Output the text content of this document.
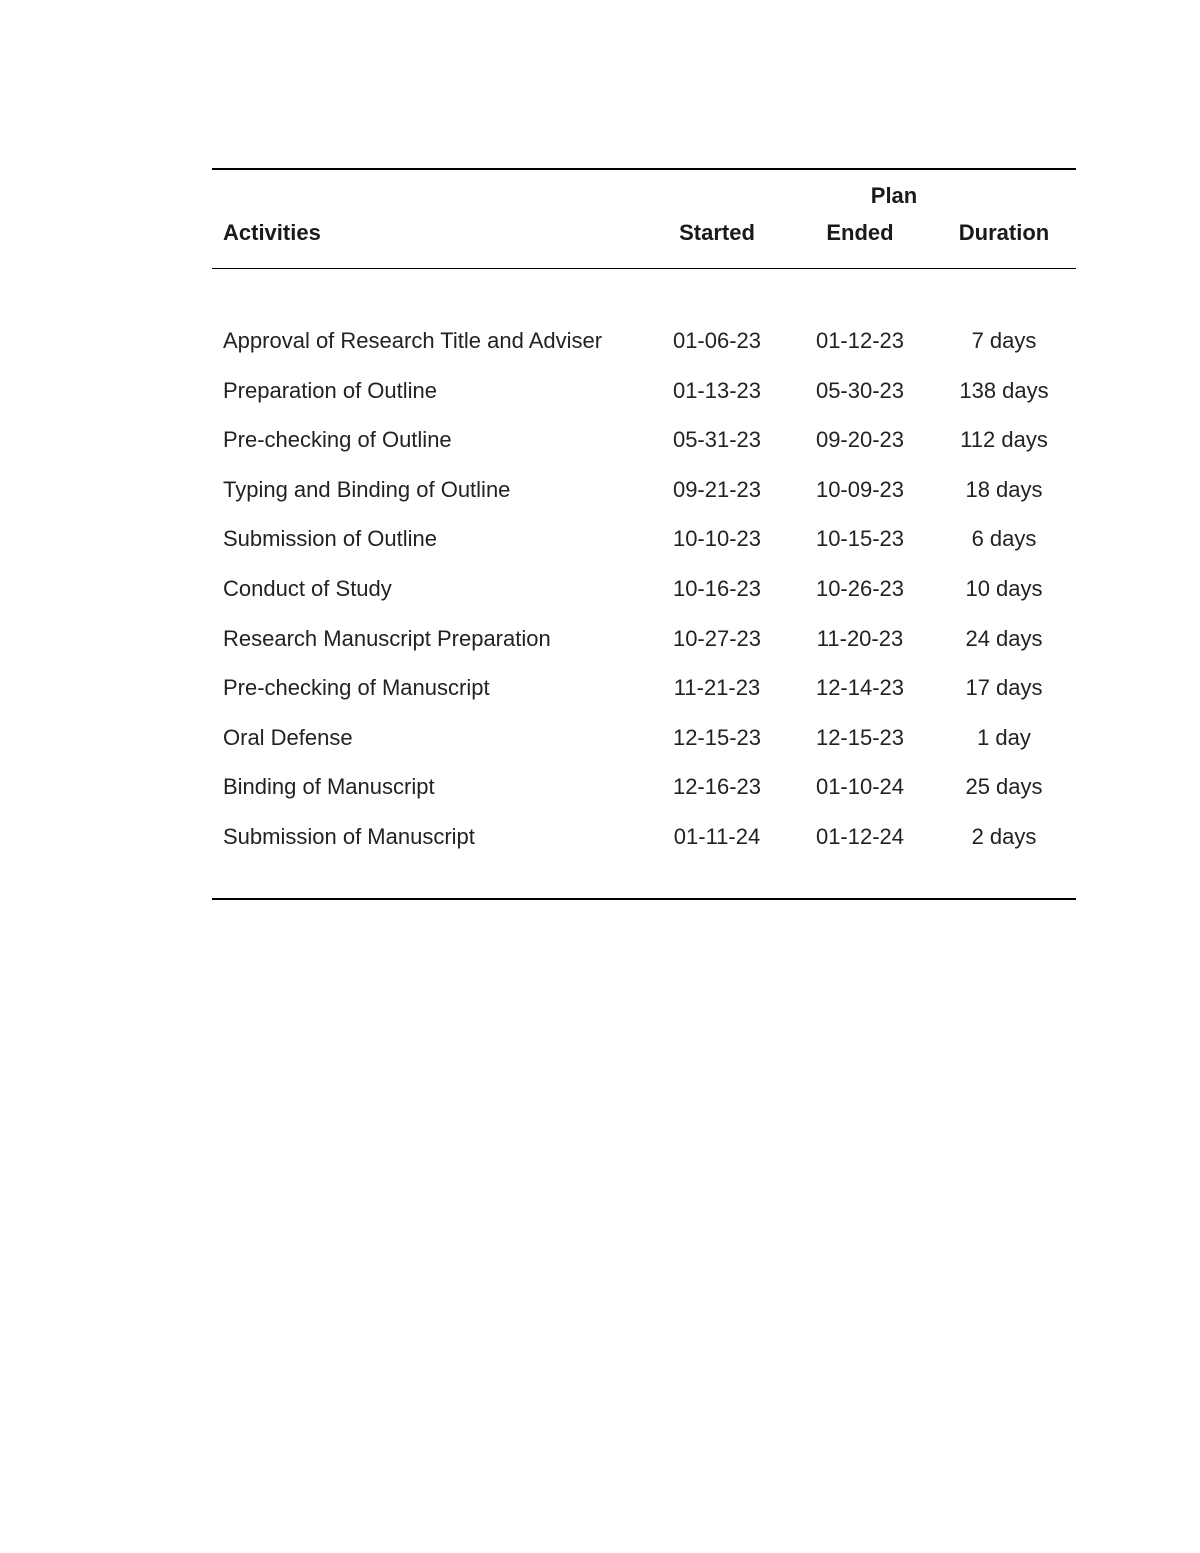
Plan
Activities	Started	Ended	Duration
Approval of Research Title and Adviser	01-06-23	01-12-23	7 days
Preparation of Outline	01-13-23	05-30-23	138 days
Pre-checking of Outline	05-31-23	09-20-23	112 days
Typing and Binding of Outline	09-21-23	10-09-23	18 days
Submission of Outline	10-10-23	10-15-23	6 days
Conduct of Study	10-16-23	10-26-23	10 days
Research Manuscript Preparation	10-27-23	11-20-23	24 days
Pre-checking of Manuscript	11-21-23	12-14-23	17 days
Oral Defense	12-15-23	12-15-23	1 day
Binding of Manuscript	12-16-23	01-10-24	25 days
Submission of Manuscript	01-11-24	01-12-24	2 days
